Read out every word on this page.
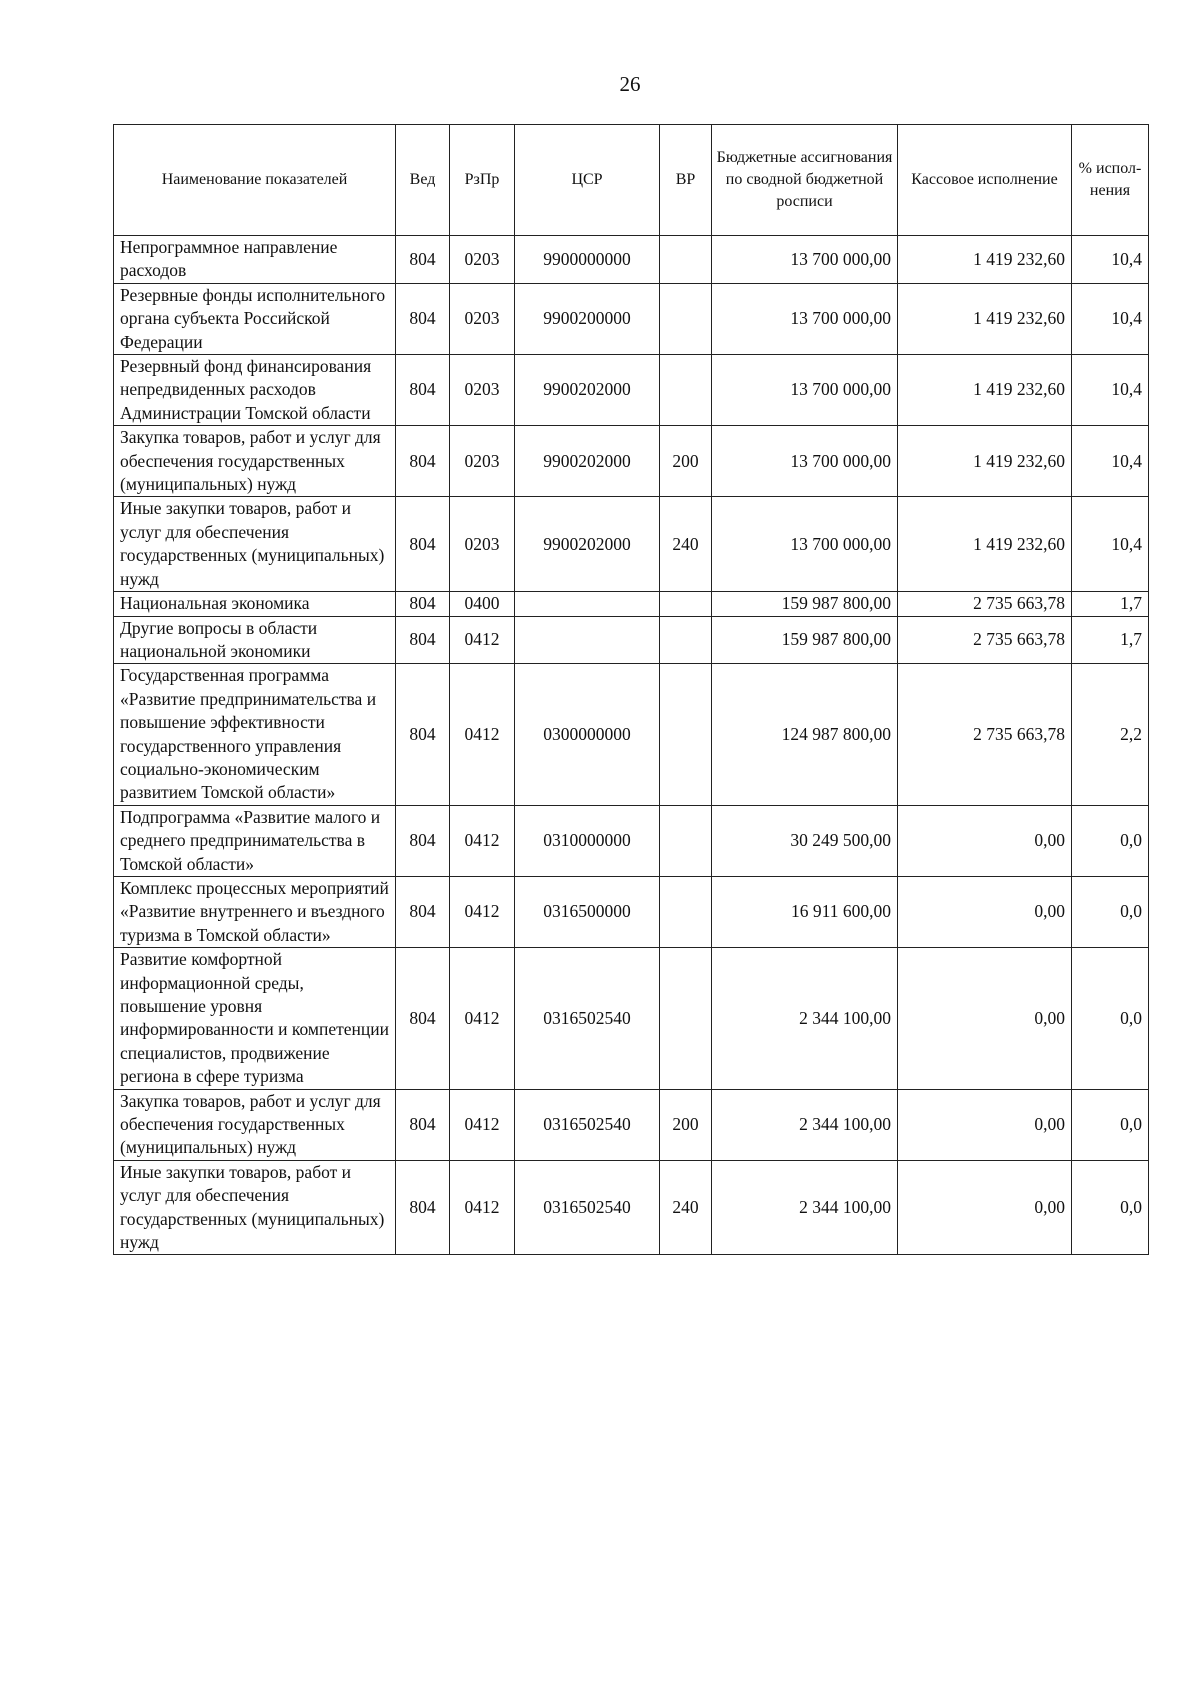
26
Наименование показателей	Вед	РзПр	ЦСР	ВР	Бюджетные ассигнования по сводной бюджетной росписи	Кассовое исполнение	% испол-нения
Непрограммное направление расходов	804	0203	9900000000		13 700 000,00	1 419 232,60	10,4
Резервные фонды исполнительного органа субъекта Российской Федерации	804	0203	9900200000		13 700 000,00	1 419 232,60	10,4
Резервный фонд финансирования непредвиденных расходов Администрации Томской области	804	0203	9900202000		13 700 000,00	1 419 232,60	10,4
Закупка товаров, работ и услуг для обеспечения государственных (муниципальных) нужд	804	0203	9900202000	200	13 700 000,00	1 419 232,60	10,4
Иные закупки товаров, работ и услуг для обеспечения государственных (муниципальных) нужд	804	0203	9900202000	240	13 700 000,00	1 419 232,60	10,4
Национальная экономика	804	0400			159 987 800,00	2 735 663,78	1,7
Другие вопросы в области национальной экономики	804	0412			159 987 800,00	2 735 663,78	1,7
Государственная программа «Развитие предпринимательства и повышение эффективности государственного управления социально-экономическим развитием Томской области»	804	0412	0300000000		124 987 800,00	2 735 663,78	2,2
Подпрограмма «Развитие малого и среднего предпринимательства в Томской области»	804	0412	0310000000		30 249 500,00	0,00	0,0
Комплекс процессных мероприятий «Развитие внутреннего и въездного туризма в Томской области»	804	0412	0316500000		16 911 600,00	0,00	0,0
Развитие комфортной информационной среды, повышение уровня информированности и компетенции специалистов, продвижение региона в сфере туризма	804	0412	0316502540		2 344 100,00	0,00	0,0
Закупка товаров, работ и услуг для обеспечения государственных (муниципальных) нужд	804	0412	0316502540	200	2 344 100,00	0,00	0,0
Иные закупки товаров, работ и услуг для обеспечения государственных (муниципальных) нужд	804	0412	0316502540	240	2 344 100,00	0,00	0,0
